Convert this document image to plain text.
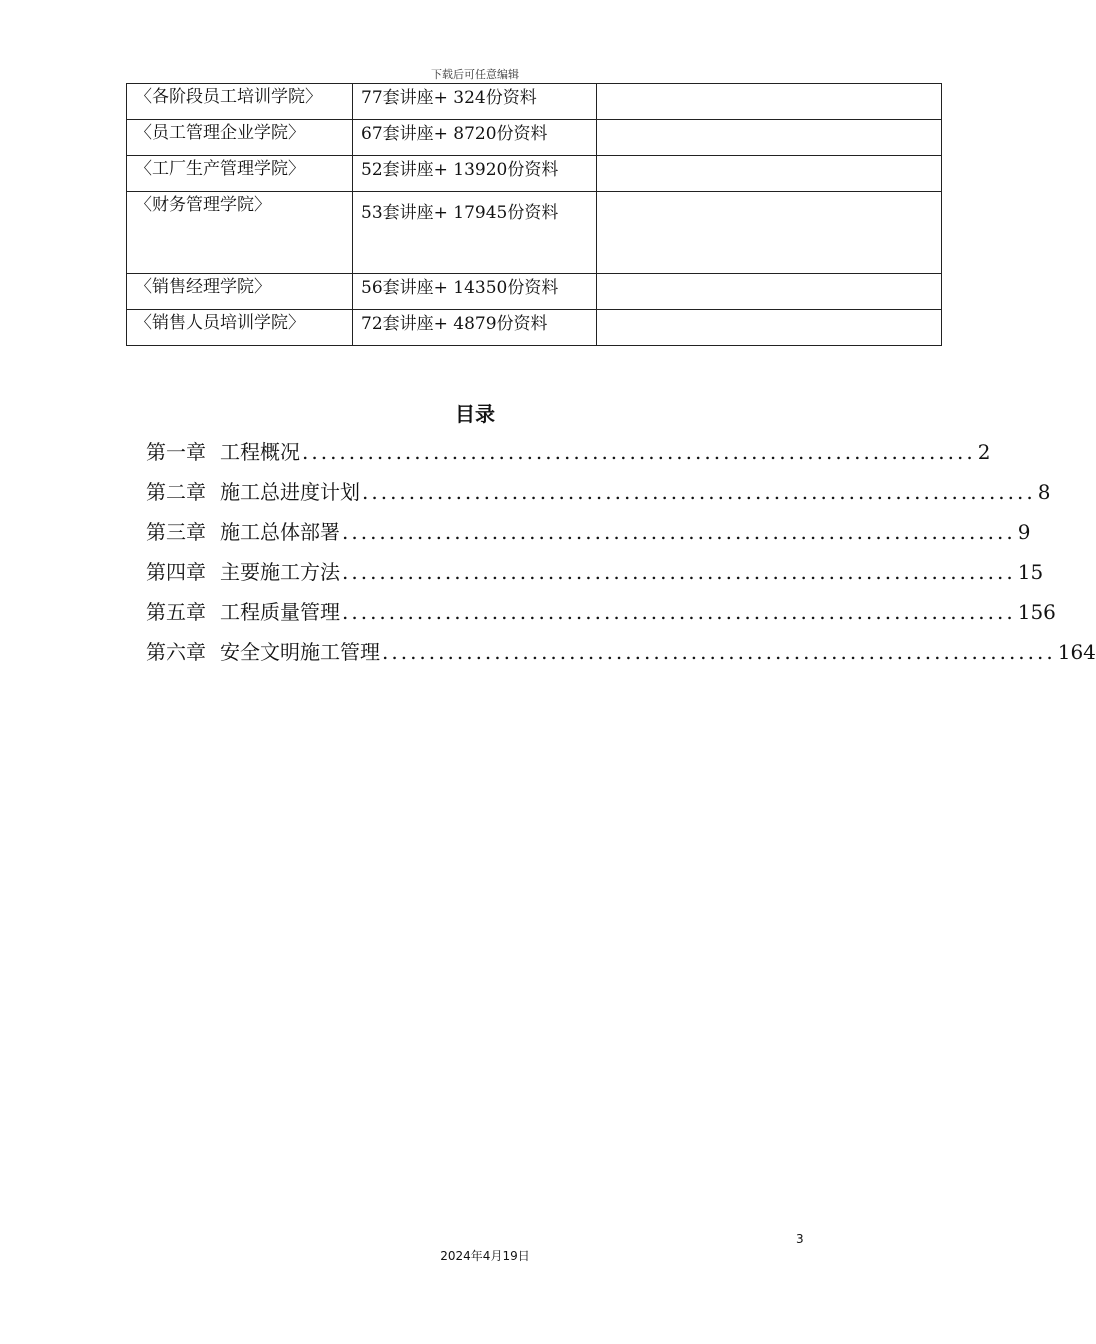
下载后可任意编辑
〈各阶段员工培训学院〉	77套讲座+ 324份资料	
〈员工管理企业学院〉	67套讲座+ 8720份资料	
〈工厂生产管理学院〉	52套讲座+ 13920份资料	
〈财务管理学院〉	53套讲座+ 17945份资料	
〈销售经理学院〉	56套讲座+ 14350份资料	
〈销售人员培训学院〉	72套讲座+ 4879份资料	
目录
第一章 工程概况 ........................................................................ 2
第二章 施工总进度计划 ........................................................................ 8
第三章 施工总体部署 ........................................................................ 9
第四章 主要施工方法 ........................................................................ 15
第五章 工程质量管理 ........................................................................ 156
第六章 安全文明施工管理 ........................................................................ 164
3
2024年4月19日
